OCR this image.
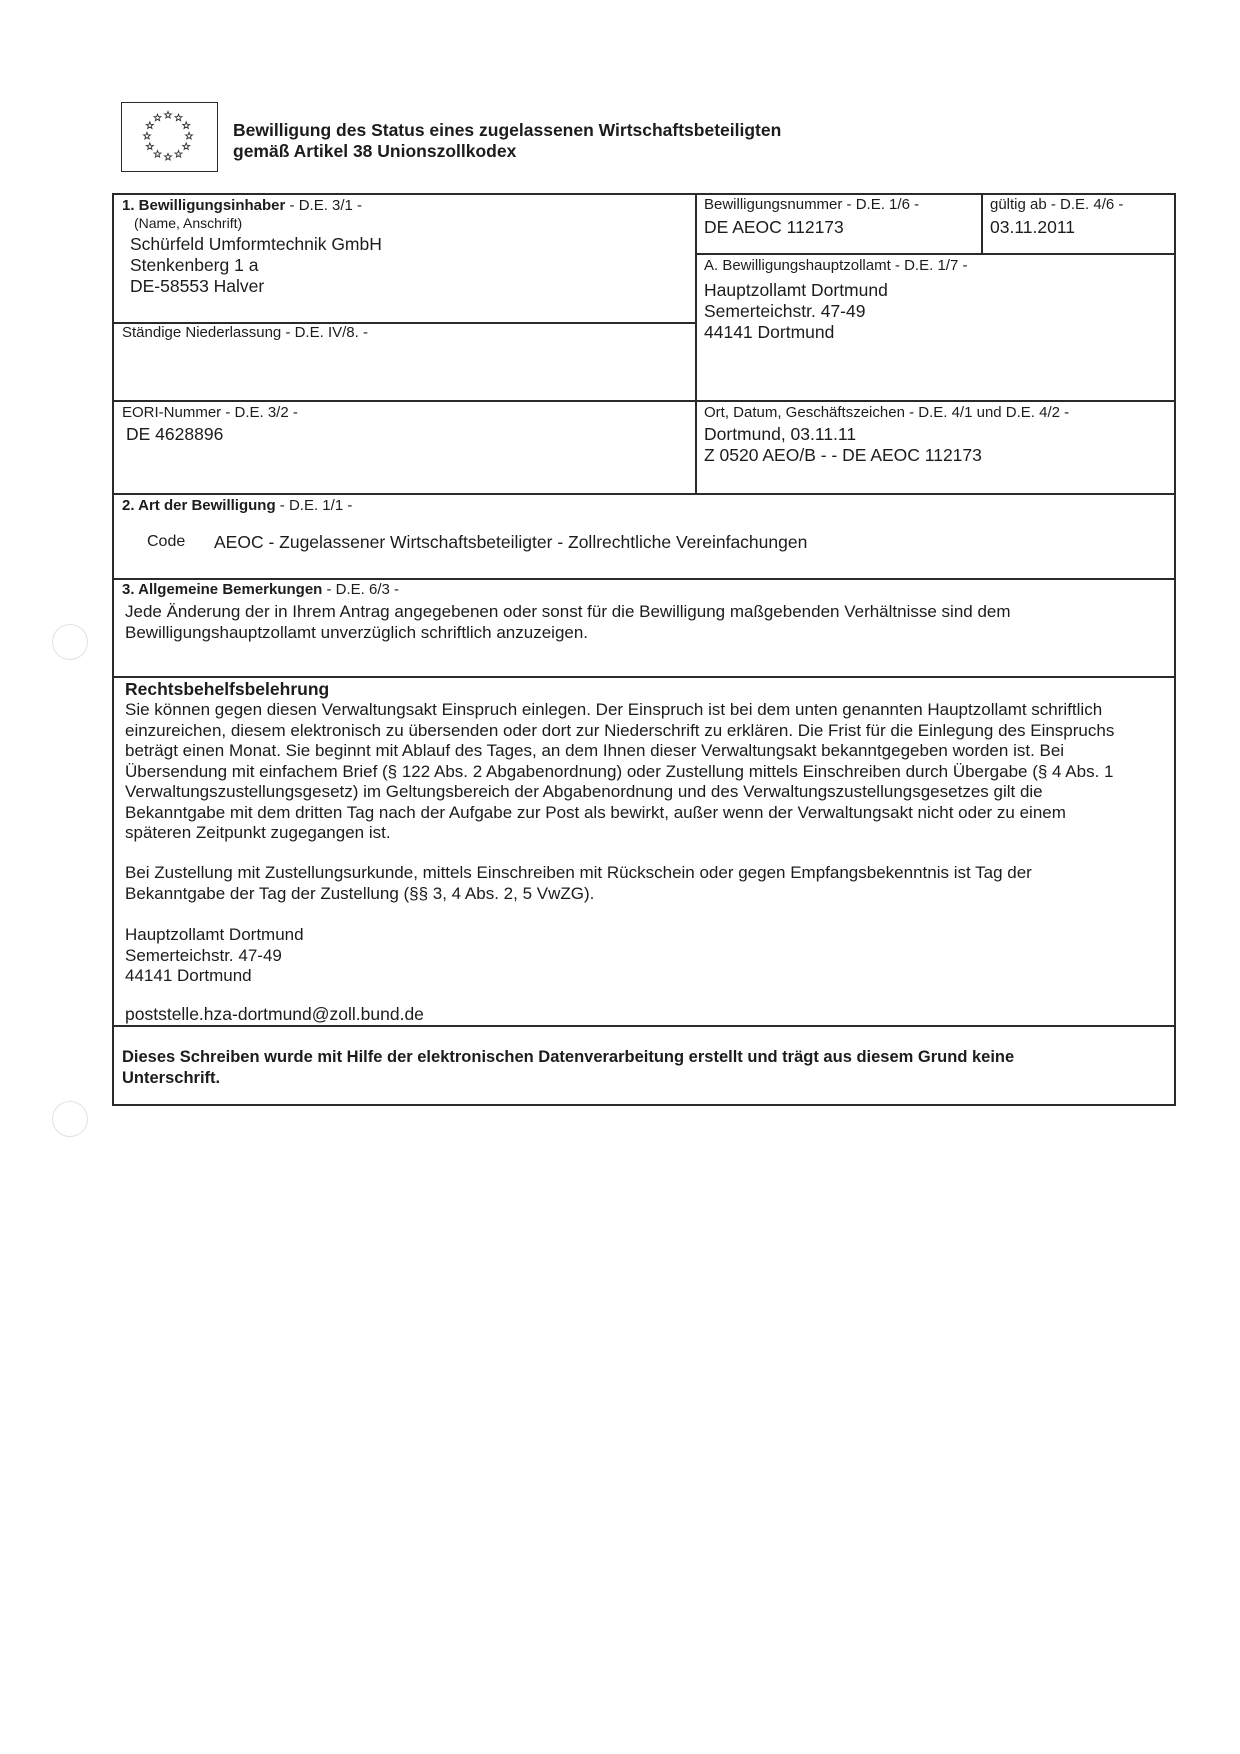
Bewilligung des Status eines zugelassenen Wirtschaftsbeteiligten
gemäß Artikel 38 Unionszollkodex
1. Bewilligungsinhaber - D.E. 3/1 -
(Name, Anschrift)
Schürfeld Umformtechnik GmbH
Stenkenberg 1 a
DE-58553 Halver
Ständige Niederlassung - D.E. IV/8. -
Bewilligungsnummer - D.E. 1/6 -
DE AEOC 112173
gültig ab - D.E. 4/6 -
03.11.2011
A. Bewilligungshauptzollamt - D.E. 1/7 -
Hauptzollamt Dortmund
Semerteichstr. 47-49
44141 Dortmund
EORI-Nummer - D.E. 3/2 -
DE 4628896
Ort, Datum, Geschäftszeichen - D.E. 4/1 und D.E. 4/2 -
Dortmund, 03.11.11
Z 0520 AEO/B - - DE AEOC 112173
2. Art der Bewilligung - D.E. 1/1 -
Code AEOC - Zugelassener Wirtschaftsbeteiligter - Zollrechtliche Vereinfachungen
3. Allgemeine Bemerkungen - D.E. 6/3 -
Jede Änderung der in Ihrem Antrag angegebenen oder sonst für die Bewilligung maßgebenden Verhältnisse sind dem
Bewilligungshauptzollamt unverzüglich schriftlich anzuzeigen.
Rechtsbehelfsbelehrung
Sie können gegen diesen Verwaltungsakt Einspruch einlegen. Der Einspruch ist bei dem unten genannten Hauptzollamt schriftlich
einzureichen, diesem elektronisch zu übersenden oder dort zur Niederschrift zu erklären. Die Frist für die Einlegung des Einspruchs
beträgt einen Monat. Sie beginnt mit Ablauf des Tages, an dem Ihnen dieser Verwaltungsakt bekanntgegeben worden ist. Bei
Übersendung mit einfachem Brief (§ 122 Abs. 2 Abgabenordnung) oder Zustellung mittels Einschreiben durch Übergabe (§ 4 Abs. 1
Verwaltungszustellungsgesetz) im Geltungsbereich der Abgabenordnung und des Verwaltungszustellungsgesetzes gilt die
Bekanntgabe mit dem dritten Tag nach der Aufgabe zur Post als bewirkt, außer wenn der Verwaltungsakt nicht oder zu einem
späteren Zeitpunkt zugegangen ist.
Bei Zustellung mit Zustellungsurkunde, mittels Einschreiben mit Rückschein oder gegen Empfangsbekenntnis ist Tag der
Bekanntgabe der Tag der Zustellung (§§ 3, 4 Abs. 2, 5 VwZG).
Hauptzollamt Dortmund
Semerteichstr. 47-49
44141 Dortmund
poststelle.hza-dortmund@zoll.bund.de
Dieses Schreiben wurde mit Hilfe der elektronischen Datenverarbeitung erstellt und trägt aus diesem Grund keine
Unterschrift.
